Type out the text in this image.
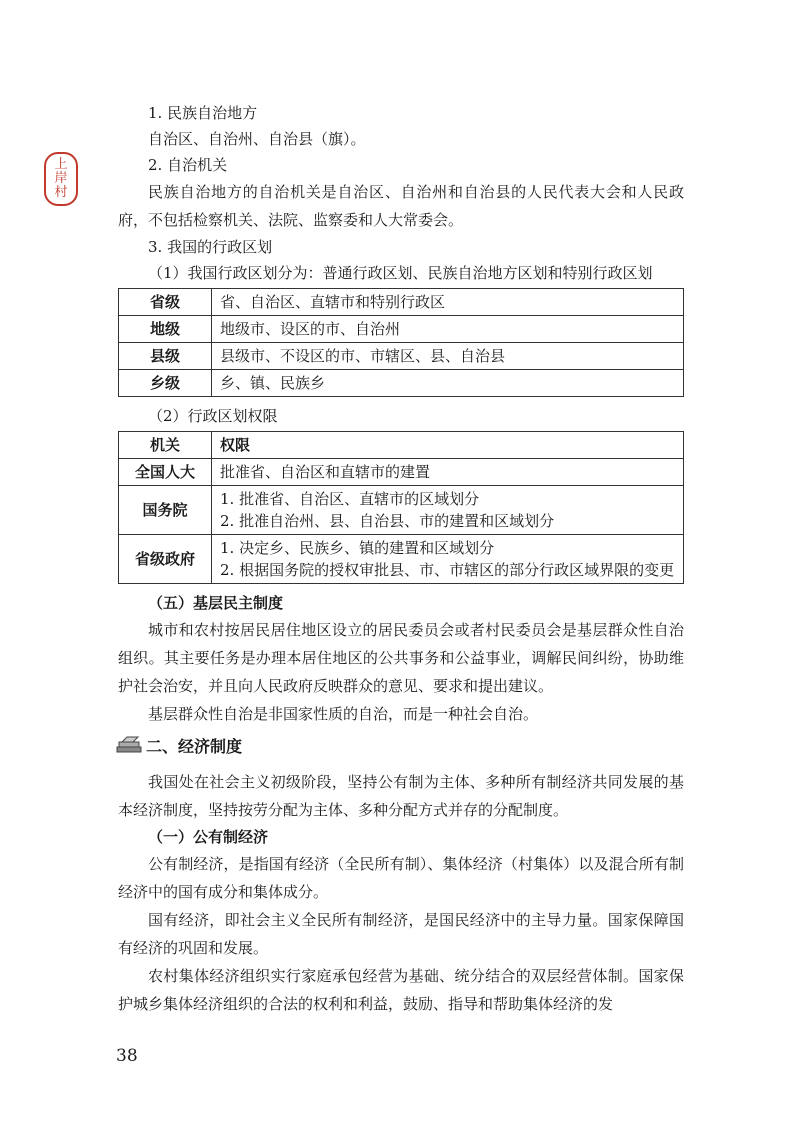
上
岸
村
1. 民族自治地方
自治区、自治州、自治县（旗）。
2. 自治机关

民族自治地方的自治机关是自治区、自治州和自治县的人民代表大会和人民政府，不包括检察机关、法院、监察委和人大常委会。

3. 我国的行政区划
（1）我国行政区划分为：普通行政区划、民族自治地方区划和特别行政区划
省级	省、自治区、直辖市和特别行政区
地级	地级市、设区的市、自治州
县级	县级市、不设区的市、市辖区、县、自治县
乡级	乡、镇、民族乡
（2）行政区划权限
机关	权限
全国人大	批准省、自治区和直辖市的建置

国务院	1. 批准省、自治区、直辖市的区域划分
2. 批准自治州、县、自治县、市的建置和区域划分

省级政府	1. 决定乡、民族乡、镇的建置和区域划分
2. 根据国务院的授权审批县、市、市辖区的部分行政区域界限的变更
（五）基层民主制度

城市和农村按居民居住地区设立的居民委员会或者村民委员会是基层群众性自治组织。其主要任务是办理本居住地区的公共事务和公益事业，调解民间纠纷，协助维护社会治安，并且向人民政府反映群众的意见、要求和提出建议。

基层群众性自治是非国家性质的自治，而是一种社会自治。

二、经济制度

我国处在社会主义初级阶段，坚持公有制为主体、多种所有制经济共同发展的基本经济制度，坚持按劳分配为主体、多种分配方式并存的分配制度。

（一）公有制经济

公有制经济，是指国有经济（全民所有制）、集体经济（村集体）以及混合所有制经济中的国有成分和集体成分。

国有经济，即社会主义全民所有制经济，是国民经济中的主导力量。国家保障国有经济的巩固和发展。

农村集体经济组织实行家庭承包经营为基础、统分结合的双层经营体制。国家保护城乡集体经济组织的合法的权利和利益，鼓励、指导和帮助集体经济的发

38
